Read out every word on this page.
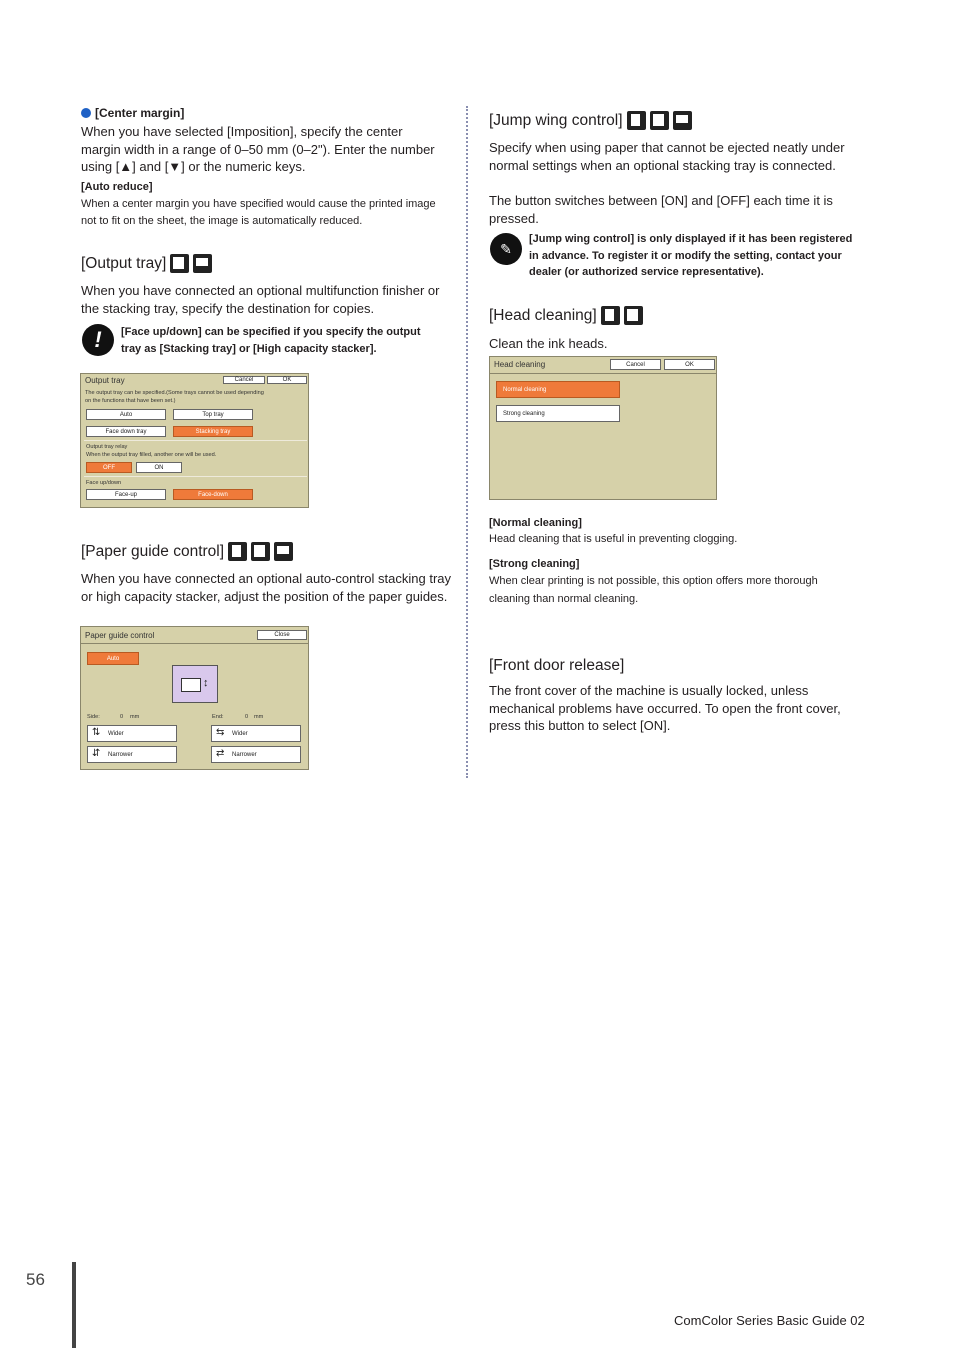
[Center margin]
When you have selected [Imposition], specify the center margin width in a range of 0–50 mm (0–2"). Enter the number using [▲] and [▼] or the numeric keys.
[Auto reduce]
When a center margin you have specified would cause the printed image not to fit on the sheet, the image is automatically reduced.
[Output tray]
When you have connected an optional multifunction finisher or the stacking tray, specify the destination for copies.
!	[Face up/down] can be specified if you specify the output tray as [Stacking tray] or [High capacity stacker].
Output tray	Cancel	OK
The output tray can be specified.(Some trays cannot be used depending on the functions that have been set.)
Auto	Top tray
Face down tray	Stacking tray
Output tray relay
When the output tray filled, another one will be used.
OFF	ON
Face up/down
Face-up	Face-down
[Paper guide control]
When you have connected an optional auto-control stacking tray or high capacity stacker, adjust the position of the paper guides.
Paper guide control	Close
Auto
↕
Side:	0 mm	End:	0 mm
⇅ Wider	⇆ Wider
⇵ Narrower	⇄ Narrower
[Jump wing control]
Specify when using paper that cannot be ejected neatly under normal settings when an optional stacking tray is connected.
The button switches between [ON] and [OFF] each time it is pressed.
✎
[Jump wing control] is only displayed if it has been registered in advance. To register it or modify the setting, contact your dealer (or authorized service representative).
[Head cleaning]
Clean the ink heads.
Head cleaning	Cancel	OK
Normal cleaning
Strong cleaning
[Normal cleaning]
Head cleaning that is useful in preventing clogging.
[Strong cleaning]
When clear printing is not possible, this option offers more thorough cleaning than normal cleaning.
[Front door release]
The front cover of the machine is usually locked, unless mechanical problems have occurred. To open the front cover, press this button to select [ON].
56
ComColor Series Basic Guide 02
